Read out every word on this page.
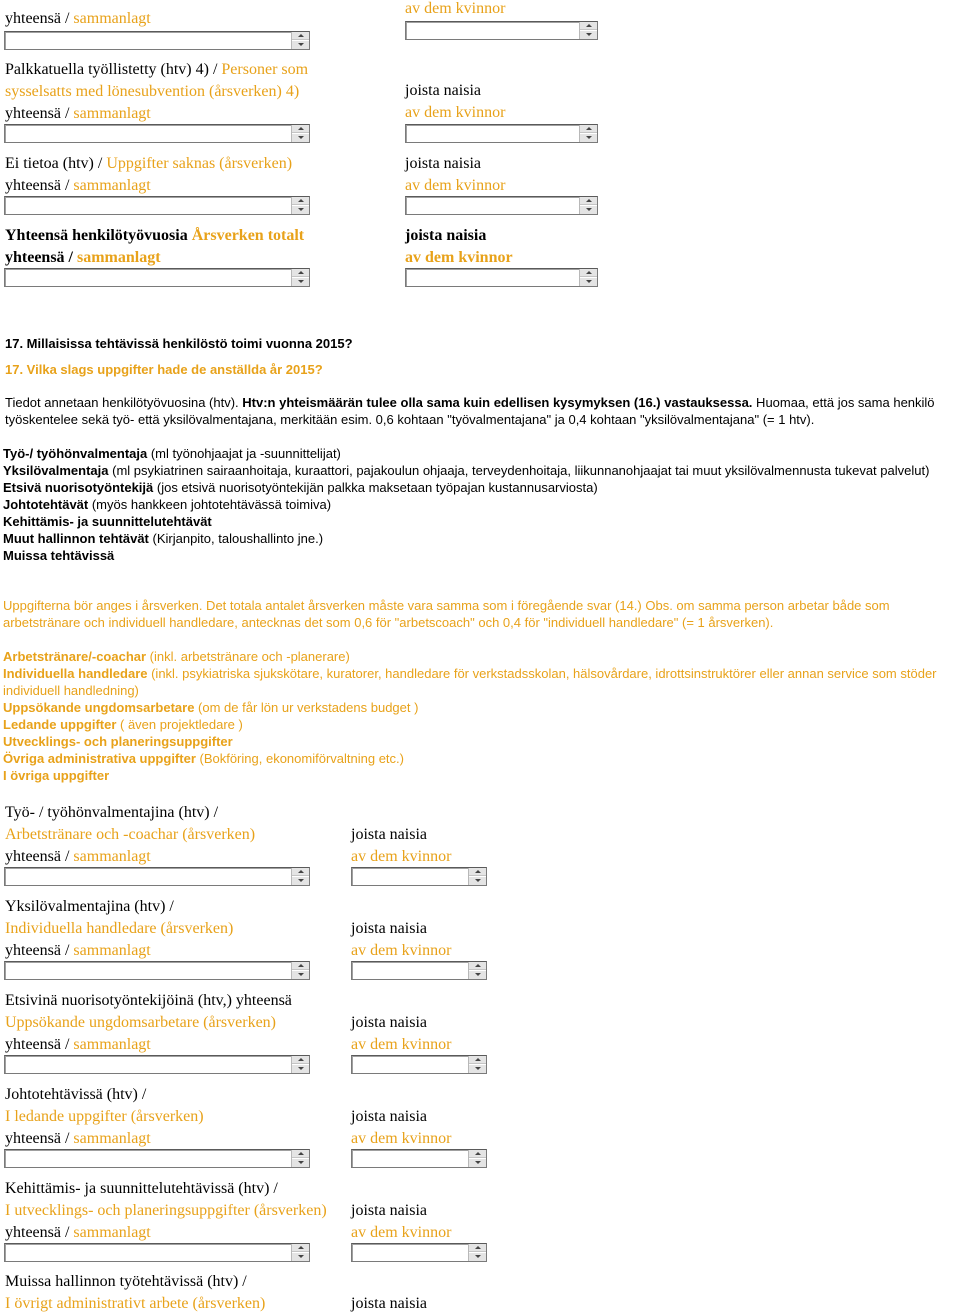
yhteensä / sammanlagt
av dem kvinnor
Palkkatuella työllistetty (htv) 4) / Personer som
sysselsatts med lönesubvention (årsverken) 4)
yhteensä / sammanlagt
joista naisia
av dem kvinnor
Ei tietoa (htv) / Uppgifter saknas (årsverken)
yhteensä / sammanlagt
joista naisia
av dem kvinnor
Yhteensä henkilötyövuosia Årsverken totalt
yhteensä / sammanlagt
joista naisia
av dem kvinnor
17. Millaisissa tehtävissä henkilöstö toimi vuonna 2015?
17. Vilka slags uppgifter hade de anställda år 2015?
Tiedot annetaan henkilötyövuosina (htv). Htv:n yhteismäärän tulee olla sama kuin edellisen kysymyksen (16.) vastauksessa. Huomaa, että jos sama henkilö työskentelee sekä työ- että yksilövalmentajana, merkitään esim. 0,6 kohtaan "työvalmentajana" ja 0,4 kohtaan "yksilövalmentajana" (= 1 htv).
Työ-/ työhönvalmentaja (ml työnohjaajat ja -suunnittelijat)
Yksilövalmentaja (ml psykiatrinen sairaanhoitaja, kuraattori, pajakoulun ohjaaja, terveydenhoitaja, liikunnanohjaajat tai muut yksilövalmennusta tukevat palvelut)
Etsivä nuorisotyöntekijä (jos etsivä nuorisotyöntekijän palkka maksetaan työpajan kustannusarviosta)
Johtotehtävät (myös hankkeen johtotehtävässä toimiva)
Kehittämis- ja suunnittelutehtävät
Muut hallinnon tehtävät (Kirjanpito, taloushallinto jne.)
Muissa tehtävissä
Uppgifterna bör anges i årsverken. Det totala antalet årsverken måste vara samma som i föregående svar (14.) Obs. om samma person arbetar både som arbetstränare och individuell handledare, antecknas det som 0,6 för "arbetscoach" och 0,4 för "individuell handledare" (= 1 årsverken).
Arbetstränare/-coachar (inkl. arbetstränare och -planerare)
Individuella handledare (inkl. psykiatriska sjukskötare, kuratorer, handledare för verkstadsskolan, hälsovårdare, idrottsinstruktörer eller annan service som stöder individuell handledning)
Uppsökande ungdomsarbetare (om de får lön ur verkstadens budget )
Ledande uppgifter ( även projektledare )
Utvecklings- och planeringsuppgifter
Övriga administrativa uppgifter (Bokföring, ekonomiförvaltning etc.)
I övriga uppgifter
Työ- / työhönvalmentajina (htv) /
Arbetstränare och -coachar (årsverken)
yhteensä / sammanlagt
joista naisia
av dem kvinnor
Yksilövalmentajina (htv) /
Individuella handledare (årsverken)
yhteensä / sammanlagt
joista naisia
av dem kvinnor
Etsivinä nuorisotyöntekijöinä (htv,) yhteensä
Uppsökande ungdomsarbetare (årsverken)
yhteensä / sammanlagt
joista naisia
av dem kvinnor
Johtotehtävissä (htv) /
I ledande uppgifter (årsverken)
yhteensä / sammanlagt
joista naisia
av dem kvinnor
Kehittämis- ja suunnittelutehtävissä (htv) /
I utvecklings- och planeringsuppgifter (årsverken)
yhteensä / sammanlagt
joista naisia
av dem kvinnor
Muissa hallinnon työtehtävissä (htv) /
I övrigt administrativt arbete (årsverken)	joista naisia
